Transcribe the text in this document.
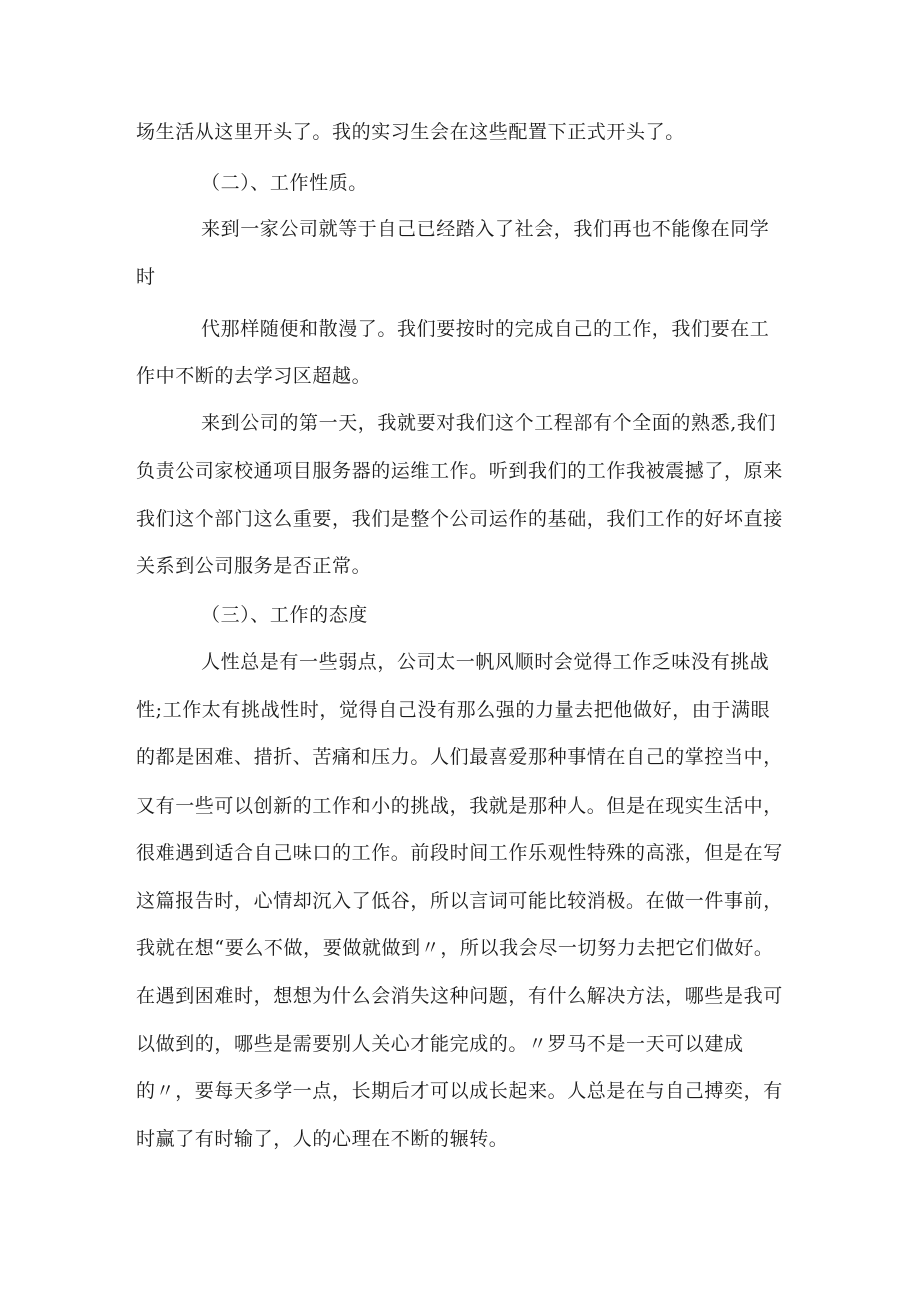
场生活从这里开头了。我的实习生会在这些配置下正式开头了。
（二）、工作性质。
来到一家公司就等于自己已经踏入了社会，我们再也不能像在同学
时
代那样随便和散漫了。我们要按时的完成自己的工作，我们要在工
作中不断的去学习区超越。
来到公司的第一天，我就要对我们这个工程部有个全面的熟悉,我们
负责公司家校通项目服务器的运维工作。听到我们的工作我被震撼了，原来
我们这个部门这么重要，我们是整个公司运作的基础，我们工作的好坏直接
关系到公司服务是否正常。
（三）、工作的态度
人性总是有一些弱点，公司太一帆风顺时会觉得工作乏味没有挑战
性;工作太有挑战性时，觉得自己没有那么强的力量去把他做好，由于满眼
的都是困难、措折、苦痛和压力。人们最喜爱那种事情在自己的掌控当中，
又有一些可以创新的工作和小的挑战，我就是那种人。但是在现实生活中，
很难遇到适合自己味口的工作。前段时间工作乐观性特殊的高涨，但是在写
这篇报告时，心情却沉入了低谷，所以言词可能比较消极。在做一件事前，
我就在想“要么不做，要做就做到〃，所以我会尽一切努力去把它们做好。
在遇到困难时，想想为什么会消失这种问题，有什么解决方法，哪些是我可
以做到的，哪些是需要别人关心才能完成的。〃罗马不是一天可以建成
的〃，要每天多学一点，长期后才可以成长起来。人总是在与自己搏奕，有
时赢了有时输了，人的心理在不断的辗转。
